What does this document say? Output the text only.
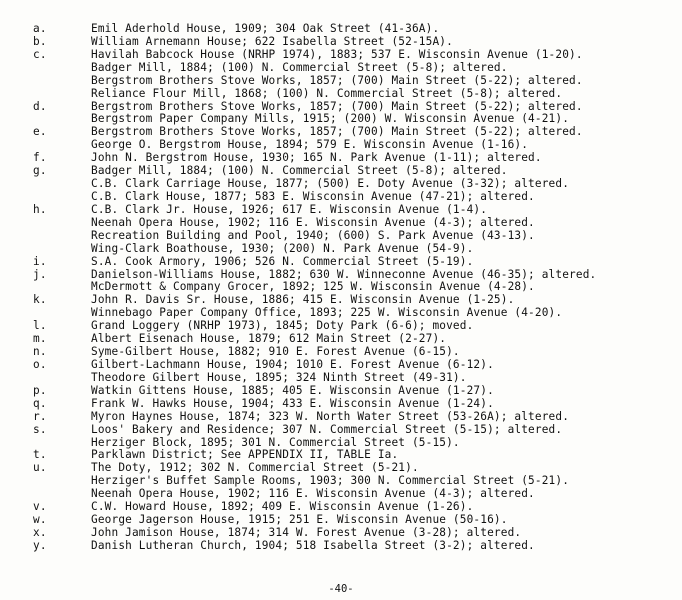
a.	Emil Aderhold House, 1909; 304 Oak Street (41-36A).
b.	William Arnemann House; 622 Isabella Street (52-15A).
c.	Havilah Babcock House (NRHP 1974), 1883; 537 E. Wisconsin Avenue (1-20).
Badger Mill, 1884; (100) N. Commercial Street (5-8); altered.
Bergstrom Brothers Stove Works, 1857; (700) Main Street (5-22); altered.
Reliance Flour Mill, 1868; (100) N. Commercial Street (5-8); altered.
d.	Bergstrom Brothers Stove Works, 1857; (700) Main Street (5-22); altered.
Bergstrom Paper Company Mills, 1915; (200) W. Wisconsin Avenue (4-21).
e.	Bergstrom Brothers Stove Works, 1857; (700) Main Street (5-22); altered.
George O. Bergstrom House, 1894; 579 E. Wisconsin Avenue (1-16).
f.	John N. Bergstrom House, 1930; 165 N. Park Avenue (1-11); altered.
g.	Badger Mill, 1884; (100) N. Commercial Street (5-8); altered.
C.B. Clark Carriage House, 1877; (500) E. Doty Avenue (3-32); altered.
C.B. Clark House, 1877; 583 E. Wisconsin Avenue (47-21); altered.
h.	C.B. Clark Jr. House, 1926; 617 E. Wisconsin Avenue (1-4).
Neenah Opera House, 1902; 116 E. Wisconsin Avenue (4-3); altered.
Recreation Building and Pool, 1940; (600) S. Park Avenue (43-13).
Wing-Clark Boathouse, 1930; (200) N. Park Avenue (54-9).
i.	S.A. Cook Armory, 1906; 526 N. Commercial Street (5-19).
j.	Danielson-Williams House, 1882; 630 W. Winneconne Avenue (46-35); altered.
McDermott & Company Grocer, 1892; 125 W. Wisconsin Avenue (4-28).
k.	John R. Davis Sr. House, 1886; 415 E. Wisconsin Avenue (1-25).
Winnebago Paper Company Office, 1893; 225 W. Wisconsin Avenue (4-20).
l.	Grand Loggery (NRHP 1973), 1845; Doty Park (6-6); moved.
m.	Albert Eisenach House, 1879; 612 Main Street (2-27).
n.	Syme-Gilbert House, 1882; 910 E. Forest Avenue (6-15).
o.	Gilbert-Lachmann House, 1904; 1010 E. Forest Avenue (6-12).
Theodore Gilbert House, 1895; 324 Ninth Street (49-31).
p.	Watkin Gittens House, 1885; 405 E. Wisconsin Avenue (1-27).
q.	Frank W. Hawks House, 1904; 433 E. Wisconsin Avenue (1-24).
r.	Myron Haynes House, 1874; 323 W. North Water Street (53-26A); altered.
s.	Loos' Bakery and Residence; 307 N. Commercial Street (5-15); altered.
Herziger Block, 1895; 301 N. Commercial Street (5-15).
t.	Parklawn District; See APPENDIX II, TABLE Ia.
u.	The Doty, 1912; 302 N. Commercial Street (5-21).
Herziger's Buffet Sample Rooms, 1903; 300 N. Commercial Street (5-21).
Neenah Opera House, 1902; 116 E. Wisconsin Avenue (4-3); altered.
v.	C.W. Howard House, 1892; 409 E. Wisconsin Avenue (1-26).
w.	George Jagerson House, 1915; 251 E. Wisconsin Avenue (50-16).
x.	John Jamison House, 1874; 314 W. Forest Avenue (3-28); altered.
y.	Danish Lutheran Church, 1904; 518 Isabella Street (3-2); altered.
-40-
